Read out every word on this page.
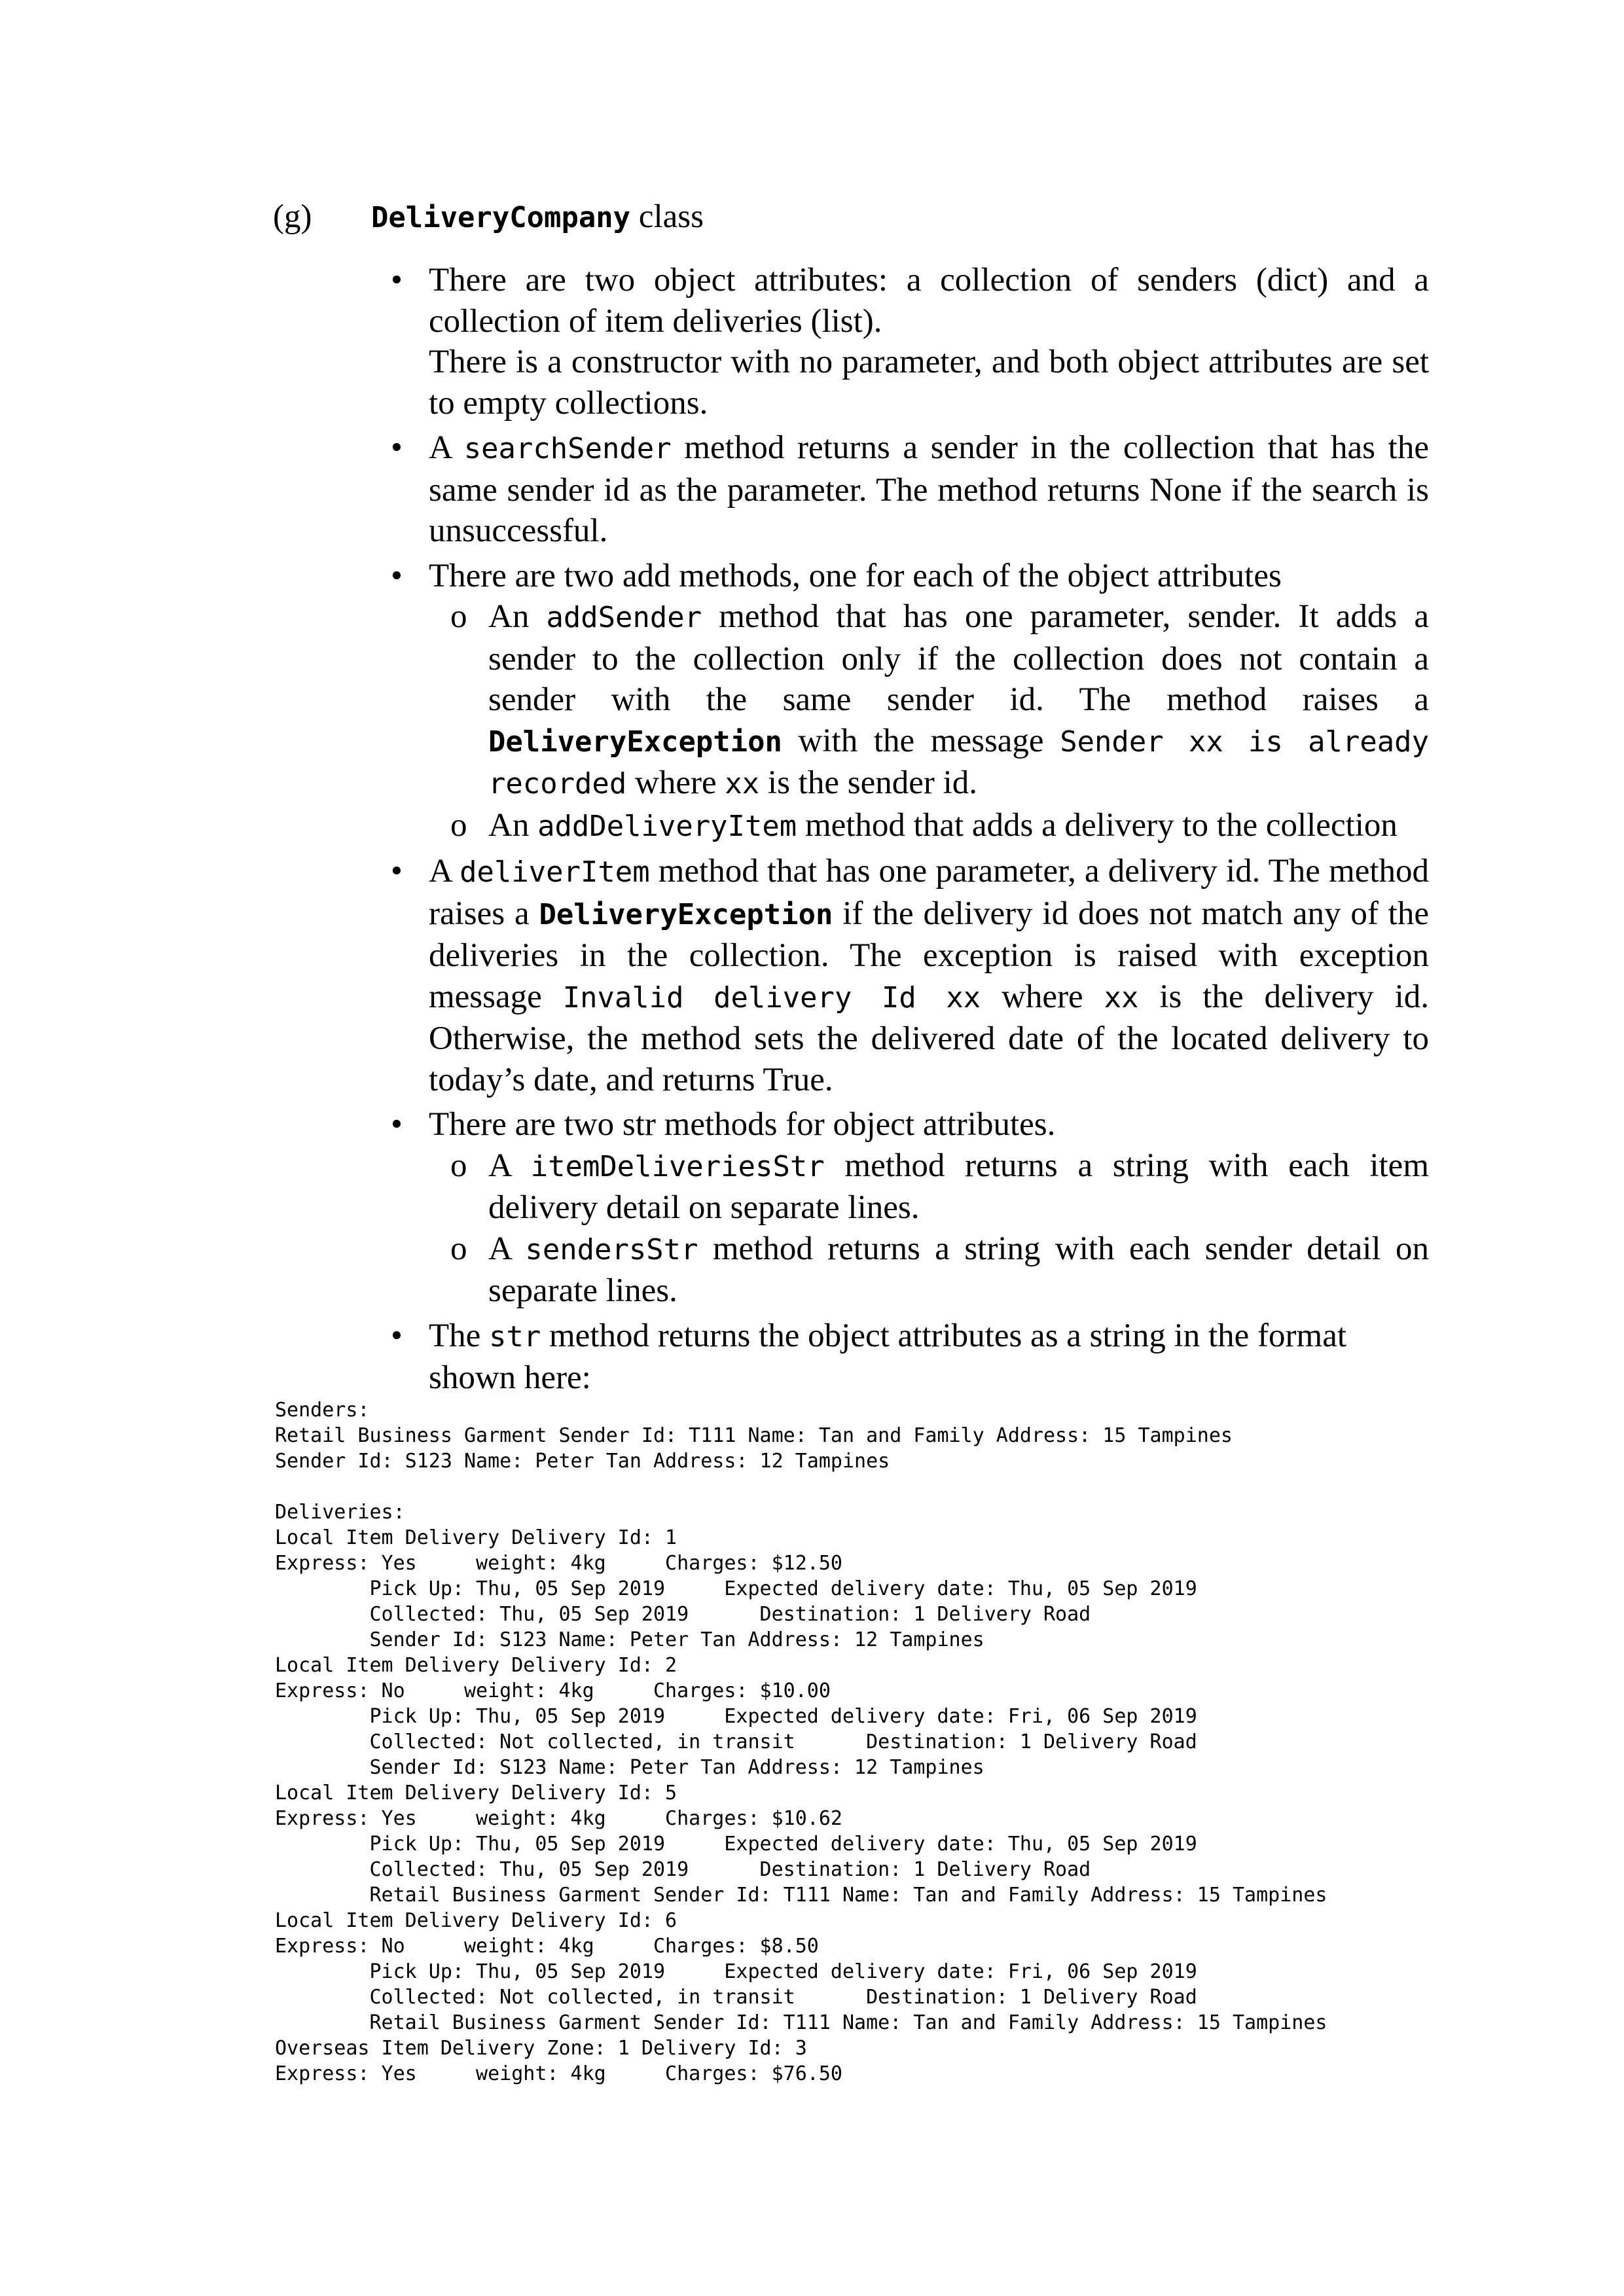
(g) DeliveryCompany class
• There are two object attributes: a collection of senders (dict) and a collection of item deliveries (list).
There is a constructor with no parameter, and both object attributes are set to empty collections.
• A searchSender method returns a sender in the collection that has the same sender id as the parameter. The method returns None if the search is unsuccessful.
• There are two add methods, one for each of the object attributes
o An addSender method that has one parameter, sender. It adds a sender to the collection only if the collection does not contain a sender with the same sender id. The method raises a DeliveryException with the message Sender xx is already recorded where xx is the sender id.
o An addDeliveryItem method that adds a delivery to the collection
• A deliverItem method that has one parameter, a delivery id. The method raises a DeliveryException if the delivery id does not match any of the deliveries in the collection. The exception is raised with exception message Invalid delivery Id xx where xx is the delivery id. Otherwise, the method sets the delivered date of the located delivery to today’s date, and returns True.
• There are two str methods for object attributes.
o A itemDeliveriesStr method returns a string with each item delivery detail on separate lines.
o A sendersStr method returns a string with each sender detail on separate lines.
• The str method returns the object attributes as a string in the format shown here:
Senders:
Retail Business Garment Sender Id: T111 Name: Tan and Family Address: 15 Tampines
Sender Id: S123 Name: Peter Tan Address: 12 Tampines
Deliveries:
Local Item Delivery Delivery Id: 1
Express: Yes     weight: 4kg     Charges: $12.50
Pick Up: Thu, 05 Sep 2019     Expected delivery date: Thu, 05 Sep 2019
Collected: Thu, 05 Sep 2019      Destination: 1 Delivery Road
Sender Id: S123 Name: Peter Tan Address: 12 Tampines
Local Item Delivery Delivery Id: 2
Express: No     weight: 4kg     Charges: $10.00
Pick Up: Thu, 05 Sep 2019     Expected delivery date: Fri, 06 Sep 2019
Collected: Not collected, in transit      Destination: 1 Delivery Road
Sender Id: S123 Name: Peter Tan Address: 12 Tampines
Local Item Delivery Delivery Id: 5
Express: Yes     weight: 4kg     Charges: $10.62
Pick Up: Thu, 05 Sep 2019     Expected delivery date: Thu, 05 Sep 2019
Collected: Thu, 05 Sep 2019      Destination: 1 Delivery Road
Retail Business Garment Sender Id: T111 Name: Tan and Family Address: 15 Tampines
Local Item Delivery Delivery Id: 6
Express: No     weight: 4kg     Charges: $8.50
Pick Up: Thu, 05 Sep 2019     Expected delivery date: Fri, 06 Sep 2019
Collected: Not collected, in transit      Destination: 1 Delivery Road
Retail Business Garment Sender Id: T111 Name: Tan and Family Address: 15 Tampines
Overseas Item Delivery Zone: 1 Delivery Id: 3
Express: Yes     weight: 4kg     Charges: $76.50
